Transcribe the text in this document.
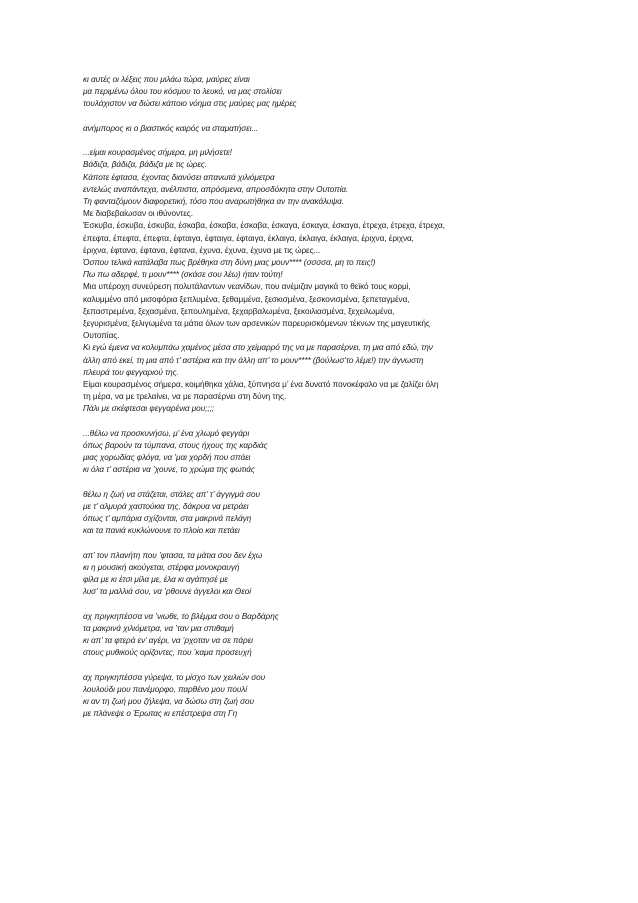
κι αυτές οι λέξεις που μιλάω τώρα, μαύρες είναι

μα περιμένω όλου του κόσμου το λευκό, να μας στολίσει

τουλάχιστον να δώσει κάποιο νόημα στις μαύρες μας ημέρες

ανήμπορος κι ο βιαστικός καιρός να σταματήσει...

...είμαι κουρασμένος σήμερα, μη μιλήσετε!

Βάδιζα, βάδιζα, βάδιζα με τις ώρες.

Κάποτε έφτασα, έχοντας διανύσει απανωτά χιλιόμετρα

εντελώς αναπάντεχα, ανέλπιστα, απρόσμενα, απροσδόκητα στην Ουτοπία.

Τη φανταζόμουν διαφορετική, τόσο που αναρωτήθηκα αν την ανακάλυψα.

Με διαβεβαίωσαν οι ιθύνοντες.

Έσκυβα, έσκυβα, έσκυβα, έσκαβα, έσκαβα, έσκαβα, έσκαγα, έσκαγα, έσκαγα, έτρεχα, έτρεχα, έτρεχα,

έπεφτα, έπεφτα, έπεφτα, έφταιγα, έφταιγα, έφταιγα, έκλαιγα, έκλαιγα, έκλαιγα, έριχνα, έριχνα,

έριχνα, έφτανα, έφτανα, έφτανα, έχυνα, έχυνα, έχυνα με τις ώρες...

Όσπου τελικά κατάλαβα πως βρέθηκα στη δύνη μιας μουν**** (σσσσα, μη το πεις!)

Πω πω αδερφέ, τι μουν**** (σκάσε σου λέω) ήταν τούτη!

Μια υπέροχη συνεύρεση πολυτάλαντων νεανίδων, που ανέμιζαν μαγικά το θεϊκό τους κορμί,

καλυμμένο από μισοφόρια ξεπλυμένα, ξεθαμμένα, ξεσκισμένα, ξεσκονισμένα, ξεπεταγμένα,

ξεπαστρεμένα, ξεχασμένα, ξεπουλημένα, ξεχαρβαλωμένα, ξεκοιλιασμένα, ξεχειλωμένα,

ξεγυρισμένα, ξελιγωμένα τα μάτια όλων των αρσενικών παρευρισκόμενων τέκνων της μαγευτικής

Ουτοπίας.

Κι εγώ έμενα να κολυμπάω χαμένος μέσα στο χείμαρρό της να με παρασέρνει, τη μια από εδώ, την

άλλη από εκεί, τη μια από τ’ αστέρια και την άλλη απ’ το μουν**** (βούλωσ’το λέμε!) την άγνωστη

πλευρά του φεγγαριού της.

Είμαι κουρασμένος σήμερα, κοιμήθηκα χάλια, ξύπνησα μ’ ένα δυνατό πονοκέφαλο να με ζαλίζει όλη

τη μέρα, να με τρελαίνει, να με παρασέρνει στη δύνη της.

Πάλι με σκέφτεσαι φεγγαρένια μου;;;;

...θέλω να προσκυνήσω, μ’ ένα χλωμό φεγγάρι

όπως βαρούν τα τύμπανα, στους ήχους της καρδιάς

μιας χορωδίας φλόγα, να ’μαι χορδή που σπάει

κι όλα τ’ αστέρια να ’χουνε, το χρώμα της φωτιάς

θέλω η ζωή να στάζεται, στάλες απ’ τ’ άγγιγμά σου

με τ’ αλμυρά χαστούκια της, δάκρυα να μετράει

όπως τ’ αμπάρια σχίζονται, στα μακρινά πελάγη

και τα πανιά κυκλώνουνε το πλοίο και πετάει

απ’ τον πλανήτη που ’φτασα, τα μάτια σου δεν έχω

κι η μουσική ακούγεται, στέρφα μονοκραυγή

φίλα με κι έτσι μίλα με, έλα κι αγάπησέ με

λυσ’ τα μαλλιά σου, να ’ρθουνε άγγελοι και Θεοί

αχ πριγκηπέσσα να ’νιωθε, το βλέμμα σου ο Βαρδάρης

τα μακρινά χιλιόμετρα, να ’ταν μια σπιθαμή

κι απ’ τα φτερά εν’ αγέρι, να ’ρχοταν να σε πάρει

στους μυθικούς ορίζοντες, που ’καμα προσευχή

αχ πριγκηπέσσα γύρεψα, το μίσχο των χειλιών σου

λουλούδι μου πανέμορφο, παρθένο μου πουλί

κι αν τη ζωή μου ζήλεψα, να δώσω στη ζωή σου

με πλάνεψε ο Έρωτας κι επέστρεψα στη Γη
